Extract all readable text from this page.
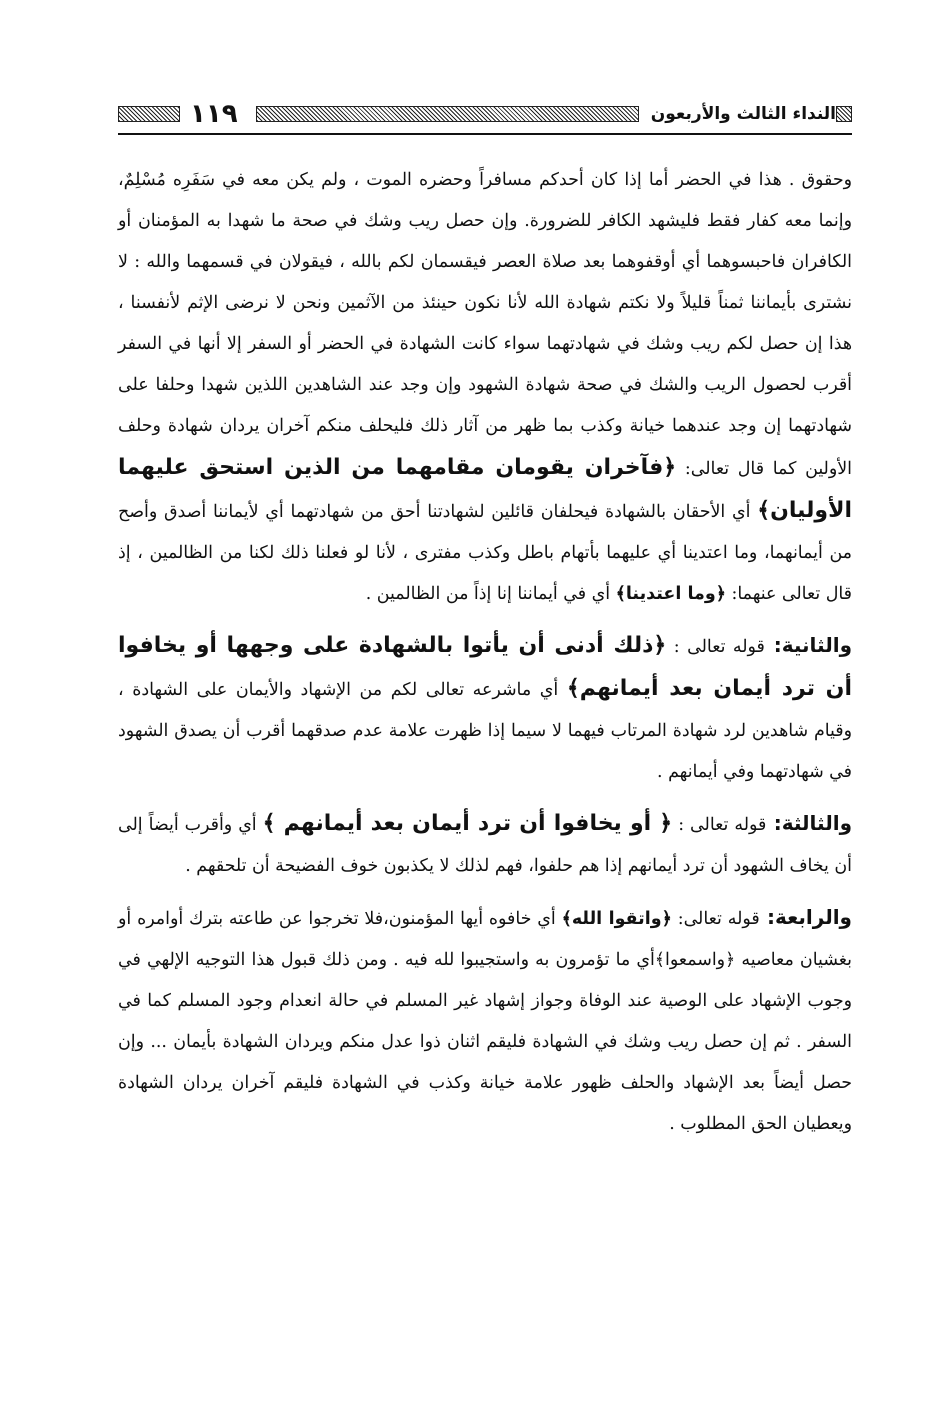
١١٩	النداء الثالث والأربعون

وحقوق . هذا في الحضر أما إذا كان أحدكم مسافراً وحضره الموت ، ولم يكن معه في سَفَرِه مُسْلِمٌ، وإنما معه كفار فقط فليشهد الكافر للضرورة. وإن حصل ريب وشك في صحة ما شهدا به المؤمنان أو الكافران فاحبسوهما أي أوقفوهما بعد صلاة العصر فيقسمان لكم بالله ، فيقولان في قسمهما والله : لا نشترى بأيماننا ثمناً قليلاً ولا نكتم شهادة الله لأنا نكون حينئذ من الآثمين ونحن لا نرضى الإثم لأنفسنا ، هذا إن حصل لكم ريب وشك في شهادتهما سواء كانت الشهادة في الحضر أو السفر إلا أنها في السفر أقرب لحصول الريب والشك في صحة شهادة الشهود وإن وجد عند الشاهدين اللذين شهدا وحلفا على شهادتهما إن وجد عندهما خيانة وكذب بما ظهر من آثار ذلك فليحلف منكم آخران يردان شهادة وحلف الأولين كما قال تعالى: ﴿فآخران يقومان مقامهما من الذين استحق عليهما الأوليان﴾ أي الأحقان بالشهادة فيحلفان قائلين لشهادتنا أحق من شهادتهما أي لأيماننا أصدق وأصح من أيمانهما، وما اعتدينا أي عليهما بأتهام باطل وكذب مفترى ، لأنا لو فعلنا ذلك لكنا من الظالمين ، إذ قال تعالى عنهما: ﴿وما اعتدينا﴾ أي في أيماننا إنا إذاً من الظالمين .

والثانية: قوله تعالى : ﴿ذلك أدنى أن يأتوا بالشهادة على وجهها أو يخافوا أن ترد أيمان بعد أيمانهم﴾ أي ماشرعه تعالى لكم من الإشهاد والأيمان على الشهادة ، وقيام شاهدين لرد شهادة المرتاب فيهما لا سيما إذا ظهرت علامة عدم صدقهما أقرب أن يصدق الشهود في شهادتهما وفي أيمانهم .

والثالثة: قوله تعالى : ﴿ أو يخافوا أن ترد أيمان بعد أيمانهم ﴾ أي وأقرب أيضاً إلى أن يخاف الشهود أن ترد أيمانهم إذا هم حلفوا، فهم لذلك لا يكذبون خوف الفضيحة أن تلحقهم .

والرابعة: قوله تعالى: ﴿واتقوا الله﴾ أي خافوه أيها المؤمنون،فلا تخرجوا عن طاعته بترك أوامره أو بغشيان معاصيه ﴿واسمعوا﴾أي ما تؤمرون به واستجيبوا لله فيه . ومن ذلك قبول هذا التوجيه الإلهي في وجوب الإشهاد على الوصية عند الوفاة وجواز إشهاد غير المسلم في حالة انعدام وجود المسلم كما في السفر . ثم إن حصل ريب وشك في الشهادة فليقم اثنان ذوا عدل منكم ويردان الشهادة بأيمان ... وإن حصل أيضاً بعد الإشهاد والحلف ظهور علامة خيانة وكذب في الشهادة فليقم آخران يردان الشهادة ويعطيان الحق المطلوب .
